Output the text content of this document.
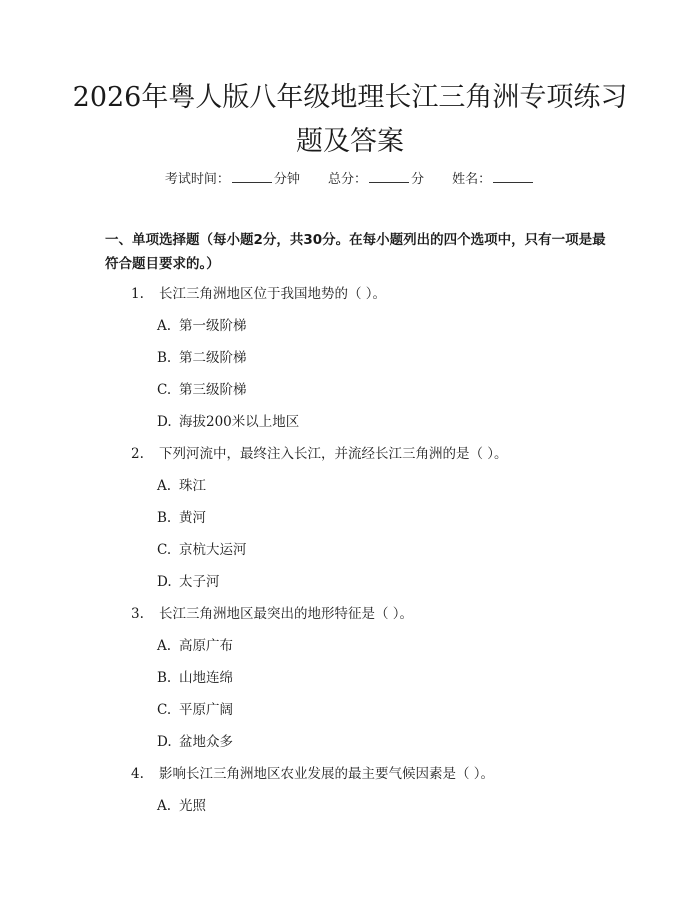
2026年粤人版八年级地理长江三角洲专项练习题及答案
考试时间：	分钟 总分：	分 姓名：
一、单项选择题（每小题2分，共30分。在每小题列出的四个选项中，只有一项是最符合题目要求的。）
1. 长江三角洲地区位于我国地势的（ ）。
A. 第一级阶梯
B. 第二级阶梯
C. 第三级阶梯
D. 海拔200米以上地区
2. 下列河流中，最终注入长江，并流经长江三角洲的是（ ）。
A. 珠江
B. 黄河
C. 京杭大运河
D. 太子河
3. 长江三角洲地区最突出的地形特征是（ ）。
A. 高原广布
B. 山地连绵
C. 平原广阔
D. 盆地众多
4. 影响长江三角洲地区农业发展的最主要气候因素是（ ）。
A. 光照
